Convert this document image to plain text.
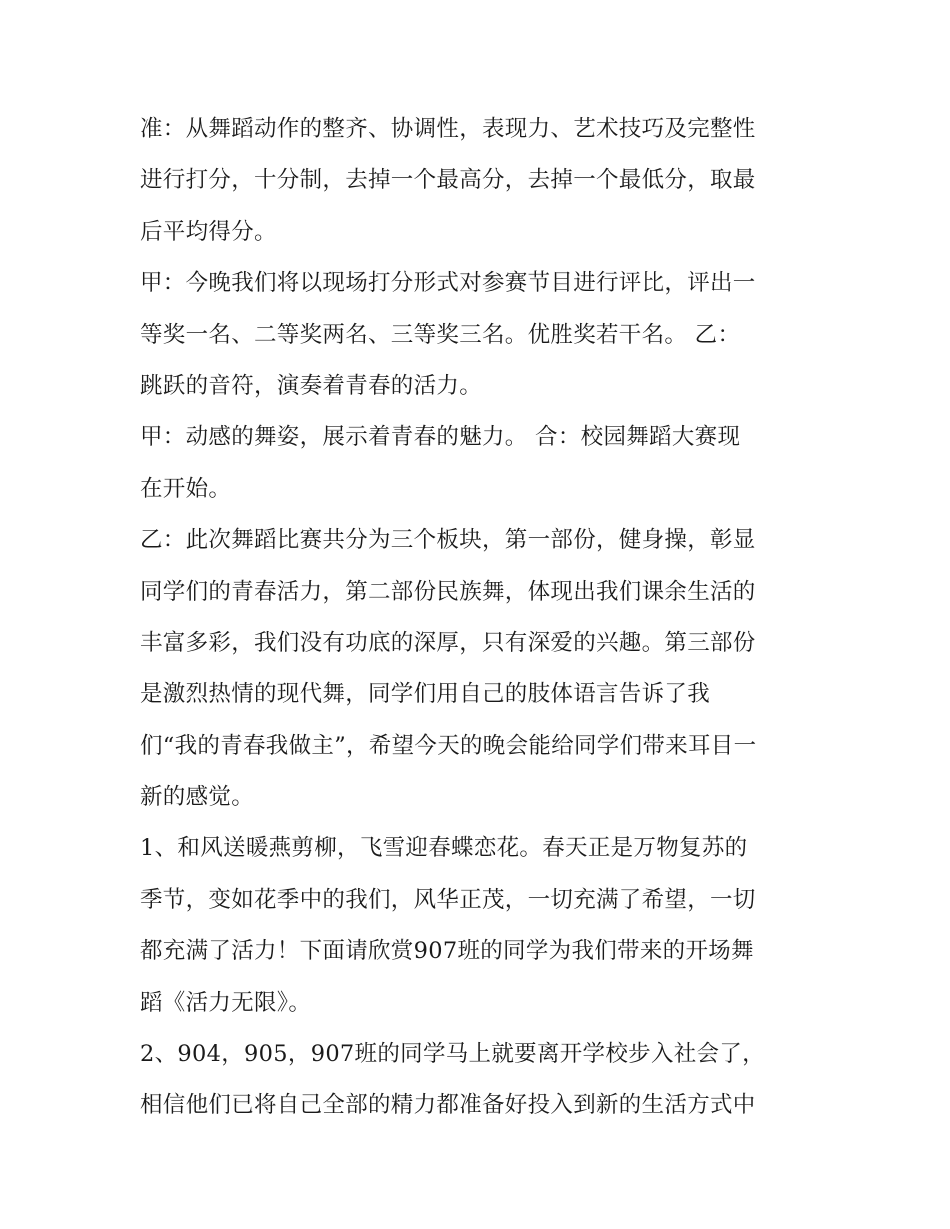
准：从舞蹈动作的整齐、协调性，表现力、艺术技巧及完整性
进行打分，十分制，去掉一个最高分，去掉一个最低分，取最
后平均得分。
甲：今晚我们将以现场打分形式对参赛节目进行评比，评出一
等奖一名、二等奖两名、三等奖三名。优胜奖若干名。 乙：
跳跃的音符，演奏着青春的活力。
甲：动感的舞姿，展示着青春的魅力。 合：校园舞蹈大赛现
在开始。
乙：此次舞蹈比赛共分为三个板块，第一部份，健身操，彰显
同学们的青春活力，第二部份民族舞，体现出我们课余生活的
丰富多彩，我们没有功底的深厚，只有深爱的兴趣。第三部份
是激烈热情的现代舞，同学们用自己的肢体语言告诉了我
们“我的青春我做主”，希望今天的晚会能给同学们带来耳目一
新的感觉。
1、和风送暖燕剪柳，飞雪迎春蝶恋花。春天正是万物复苏的
季节，变如花季中的我们，风华正茂，一切充满了希望，一切
都充满了活力！下面请欣赏907班的同学为我们带来的开场舞
蹈《活力无限》。
2、904，905，907班的同学马上就要离开学校步入社会了，
相信他们已将自己全部的精力都准备好投入到新的生活方式中
